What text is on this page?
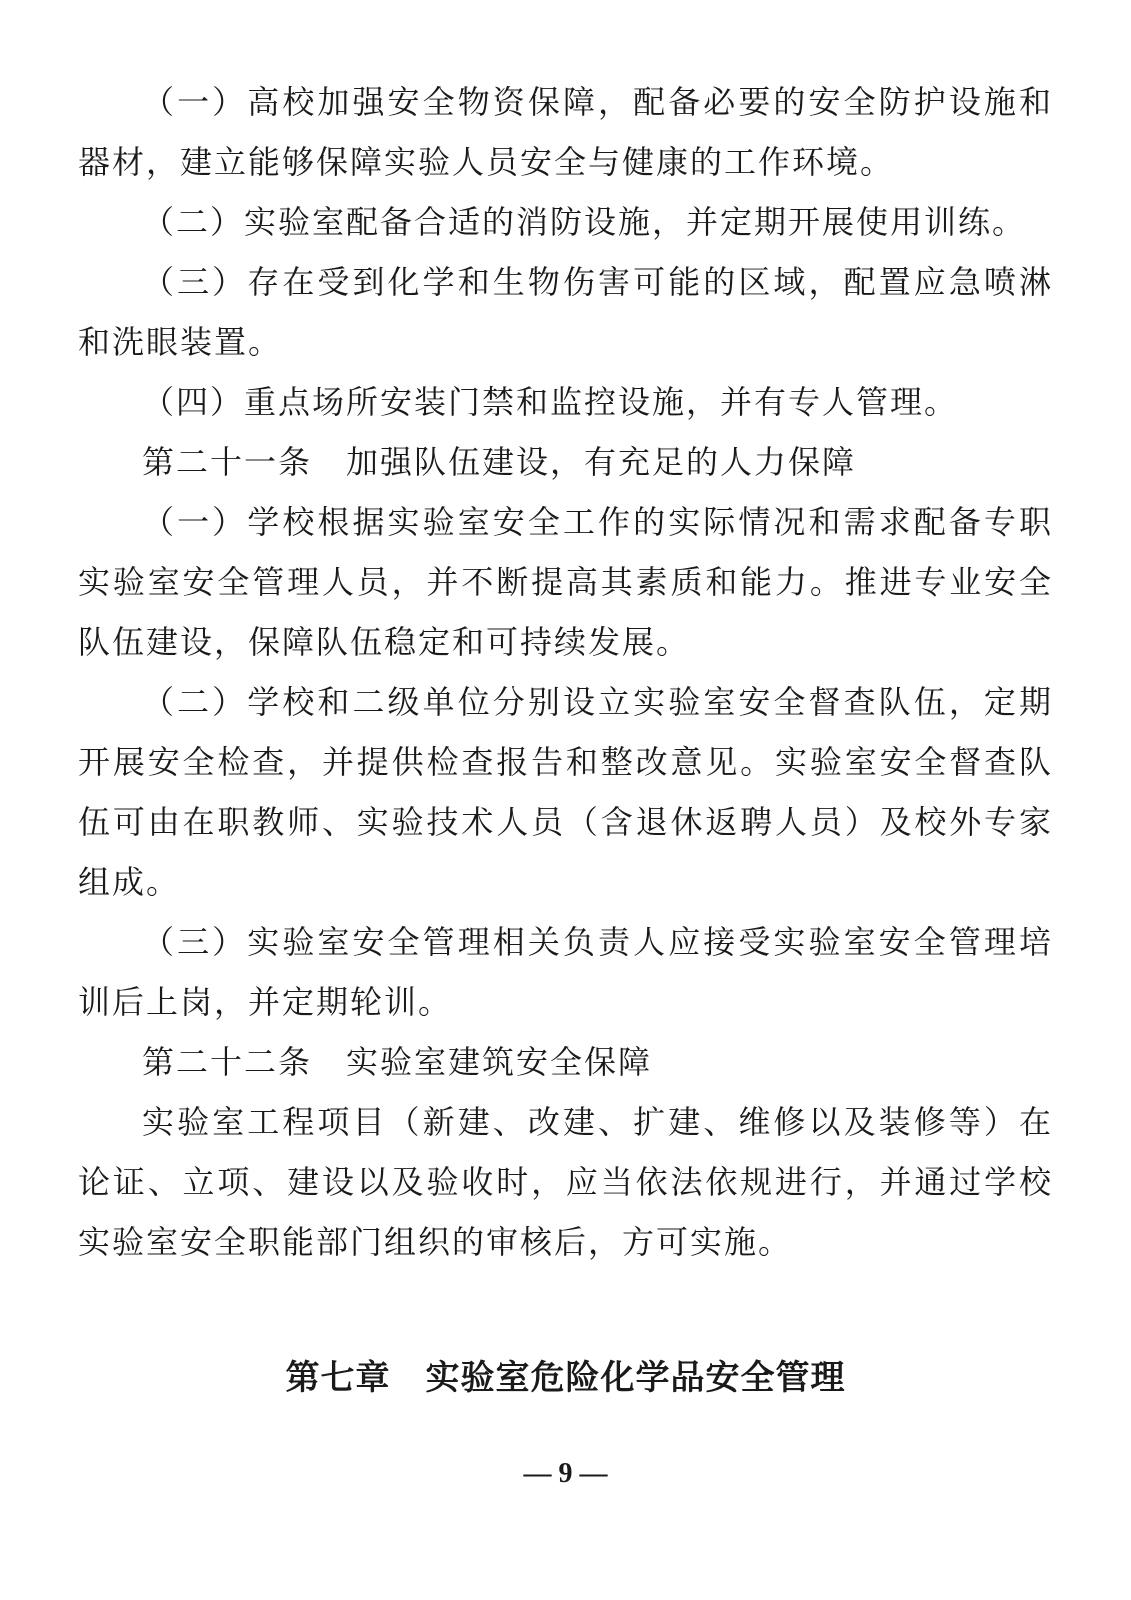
（一）高校加强安全物资保障，配备必要的安全防护设施和器材，建立能够保障实验人员安全与健康的工作环境。

（二）实验室配备合适的消防设施，并定期开展使用训练。

（三）存在受到化学和生物伤害可能的区域，配置应急喷淋和洗眼装置。

（四）重点场所安装门禁和监控设施，并有专人管理。

第二十一条　加强队伍建设，有充足的人力保障

（一）学校根据实验室安全工作的实际情况和需求配备专职实验室安全管理人员，并不断提高其素质和能力。推进专业安全队伍建设，保障队伍稳定和可持续发展。

（二）学校和二级单位分别设立实验室安全督查队伍，定期开展安全检查，并提供检查报告和整改意见。实验室安全督查队伍可由在职教师、实验技术人员（含退休返聘人员）及校外专家组成。

（三）实验室安全管理相关负责人应接受实验室安全管理培训后上岗，并定期轮训。

第二十二条　实验室建筑安全保障

实验室工程项目（新建、改建、扩建、维修以及装修等）在论证、立项、建设以及验收时，应当依法依规进行，并通过学校实验室安全职能部门组织的审核后，方可实施。

第七章　实验室危险化学品安全管理
— 9 —
